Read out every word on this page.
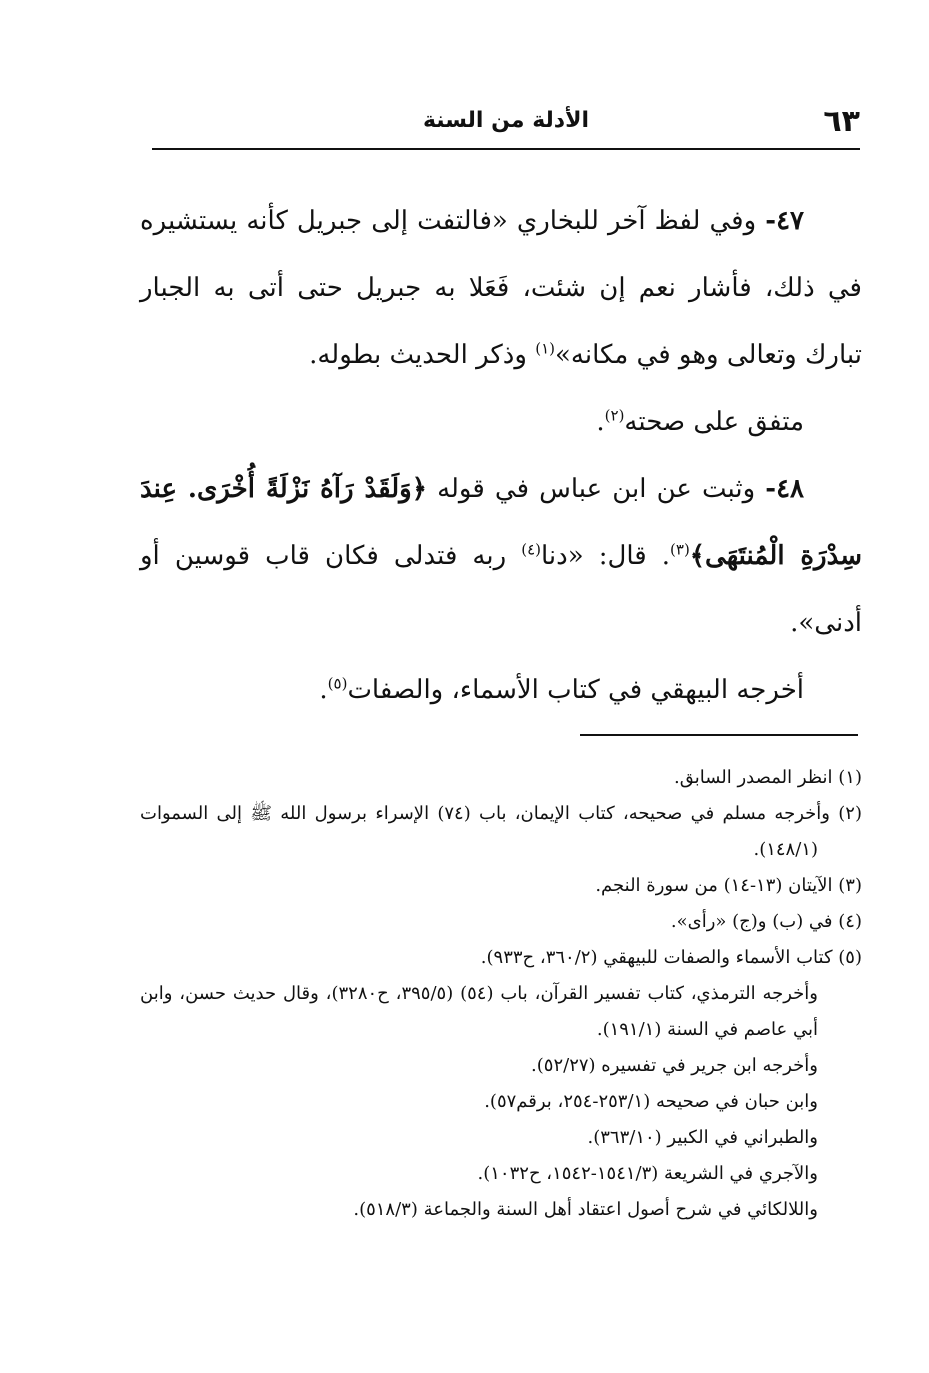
٦٣
الأدلة من السنة

٤٧- وفي لفظ آخر للبخاري «فالتفت إلى جبريل كأنه يستشيره في ذلك، فأشار نعم إن شئت، فَعَلا به جبريل حتى أتى به الجبار تبارك وتعالى وهو في مكانه»$^{(١)}$ وذكر الحديث بطوله.

متفق على صحته$^{(٢)}$.

٤٨- وثبت عن ابن عباس في قوله ﴿وَلَقَدْ رَآهُ نَزْلَةً أُخْرَى. عِندَ سِدْرَةِ الْمُنتَهَى﴾$^{(٣)}$. قال: «دنا$^{(٤)}$ ربه فتدلى فكان قاب قوسين أو أدنى».

أخرجه البيهقي في كتاب الأسماء، والصفات$^{(٥)}$.

(١) انظر المصدر السابق.

(٢) وأخرجه مسلم في صحيحه، كتاب الإيمان، باب (٧٤) الإسراء برسول الله ﷺ إلى السموات (١٤٨/١).

(٣) الآيتان (١٣-١٤) من سورة النجم.

(٤) في (ب) و(ج) «رأى».

(٥) كتاب الأسماء والصفات للبيهقي (٣٦٠/٢، ح٩٣٣).

وأخرجه الترمذي، كتاب تفسير القرآن، باب (٥٤) (٣٩٥/٥، ح٣٢٨٠)، وقال حديث حسن، وابن أبي عاصم في السنة (١٩١/١).

وأخرجه ابن جرير في تفسيره (٥٢/٢٧).

وابن حبان في صحيحه (٢٥٣/١-٢٥٤، برقم٥٧).

والطبراني في الكبير (٣٦٣/١٠).

والآجري في الشريعة (١٥٤١/٣-١٥٤٢، ح١٠٣٢).

واللالكائي في شرح أصول اعتقاد أهل السنة والجماعة (٥١٨/٣).
